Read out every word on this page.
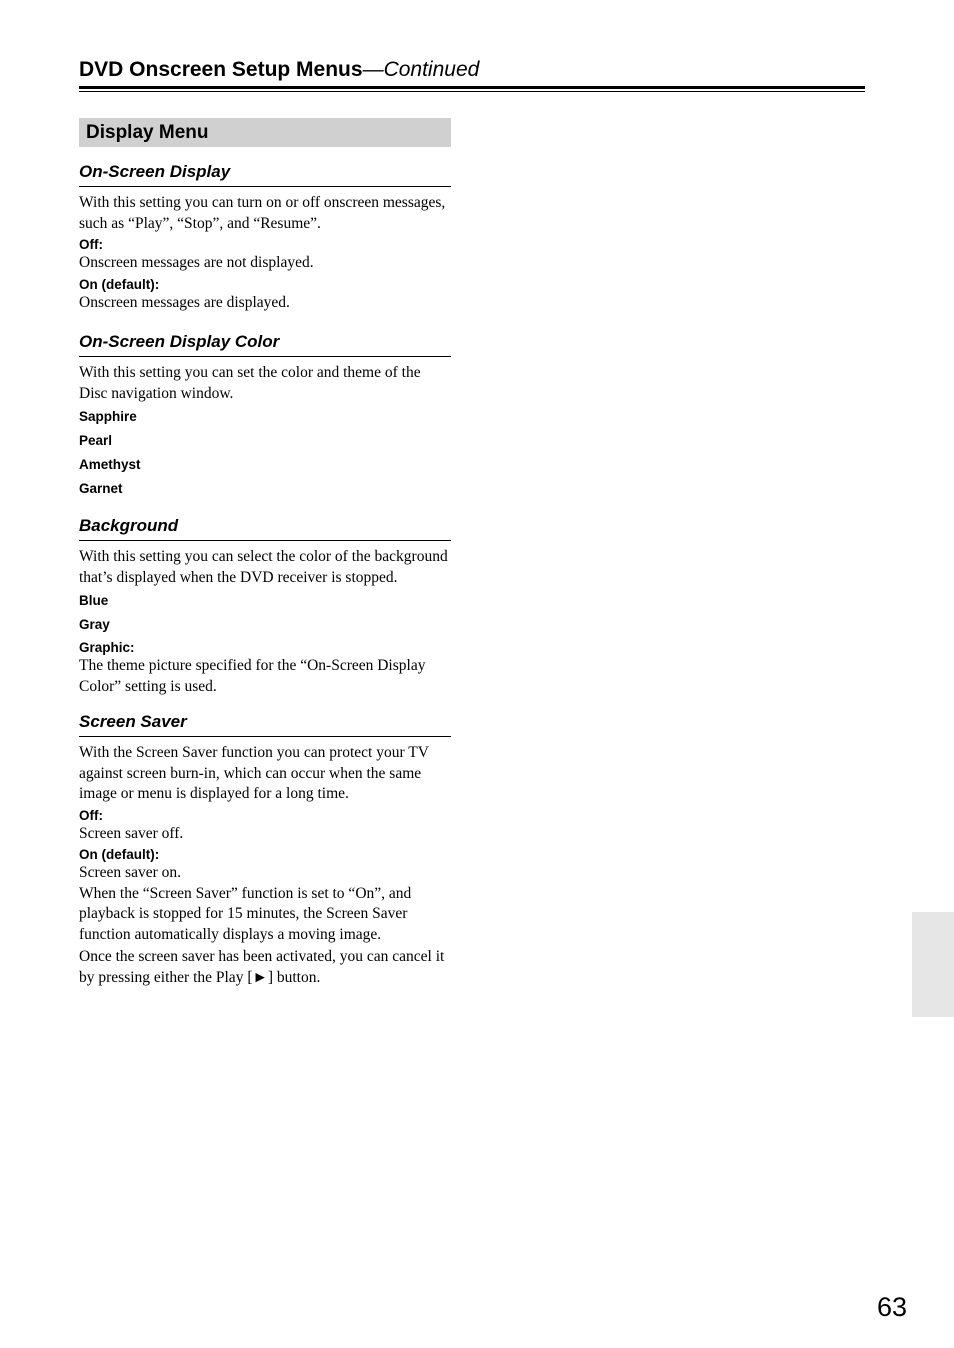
DVD Onscreen Setup Menus—Continued
Display Menu
On-Screen Display

With this setting you can turn on or off onscreen messages, such as “Play”, “Stop”, and “Resume”.

Off:

Onscreen messages are not displayed.

On (default):

Onscreen messages are displayed.

On-Screen Display Color

With this setting you can set the color and theme of the Disc navigation window.

Sapphire
Pearl
Amethyst
Garnet
Background

With this setting you can select the color of the background that’s displayed when the DVD receiver is stopped.

Blue
Gray
Graphic:

The theme picture specified for the “On-Screen Display Color” setting is used.

Screen Saver

With the Screen Saver function you can protect your TV against screen burn-in, which can occur when the same image or menu is displayed for a long time.

Off:

Screen saver off.

On (default):

Screen saver on.

When the “Screen Saver” function is set to “On”, and playback is stopped for 15 minutes, the Screen Saver function automatically displays a moving image.

Once the screen saver has been activated, you can cancel it by pressing either the Play [►] button.

63
